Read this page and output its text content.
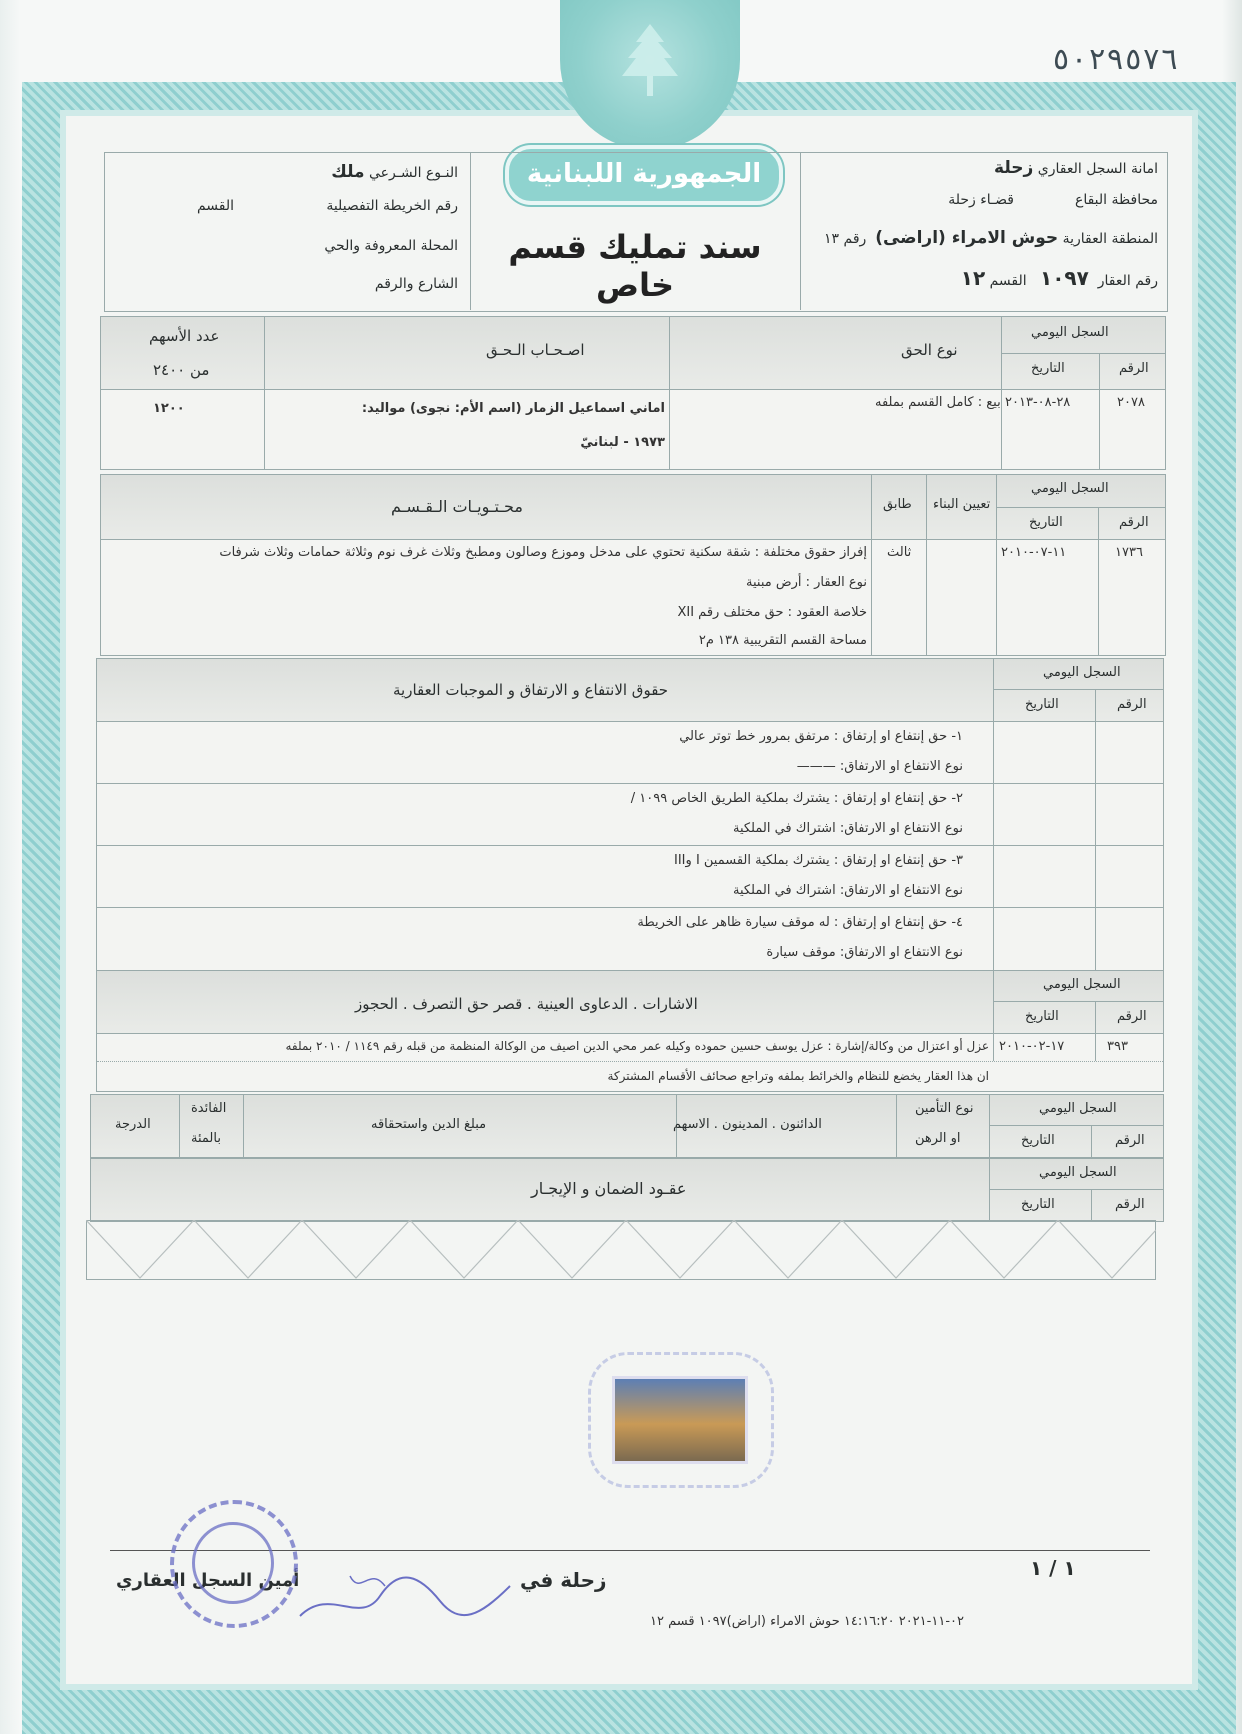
٥٠٢٩٥٧٦
الجمهورية اللبنانية
سند تمليك قسم خاص
امانة السجل العقاري زحلة
محافظة البقاع
قضـاء زحلة
المنطقة العقارية حوش الامراء (اراضى)  رقم ١٣
رقم العقار  ١٠٩٧   القسم ١٢
النـوع الشـرعي ملك
رقم الخريطة التفصيلية
القسم
المحلة المعروفة والحي
الشارع والرقم
السجل اليومي
الرقم
التاريخ
نوع الحق
اصـحـاب الـحـق
عدد الأسهم
من ٢٤٠٠
٢٠٧٨
٢٨-٠٨-٢٠١٣
بيع : كامل القسم بملفه
اماني اسماعيل الزمار (اسم الأم: نجوى) مواليد:
١٩٧٣ - لبنانيّ
١٢٠٠
السجل اليومي
الرقم
التاريخ
تعيين البناء
طابق
محـتـويـات الـقـسـم
١٧٣٦
١١-٠٧-٢٠١٠
ثالث
إفراز حقوق مختلفة : شقة سكنية تحتوي على مدخل وموزع وصالون ومطبخ وثلاث غرف نوم وثلاثة حمامات وثلاث شرفات
نوع العقار : أرض مبنية
خلاصة العقود : حق مختلف رقم XII
مساحة القسم التقريبية ١٣٨ م٢
السجل اليومي
الرقم
التاريخ
حقوق الانتفاع و الارتفاق و الموجبات العقارية
١- حق إنتفاع او إرتفاق : مرتفق بمرور خط توتر عالي
نوع الانتفاع او الارتفاق: ———
٢- حق إنتفاع او إرتفاق : يشترك بملكية الطريق الخاص ١٠٩٩ /
نوع الانتفاع او الارتفاق: اشتراك في الملكية
٣- حق إنتفاع او إرتفاق : يشترك بملكية القسمين I وIII
نوع الانتفاع او الارتفاق: اشتراك في الملكية
٤- حق إنتفاع او إرتفاق : له موقف سيارة ظاهر على الخريطة
نوع الانتفاع او الارتفاق: موقف سيارة
السجل اليومي
الرقم
التاريخ
الاشارات . الدعاوى العينية . قصر حق التصرف . الحجوز
٣٩٣
١٧-٠٢-٢٠١٠
عزل أو اعتزال من وكالة/إشارة : عزل يوسف حسين حموده وكيله عمر محي الدين اصيف من الوكالة المنظمة من قبله رقم ١١٤٩ / ٢٠١٠ بملفه
ان هذا العقار يخضع للنظام والخرائط بملفه وتراجع صحائف الأقسام المشتركة
السجل اليومي
الرقم
التاريخ
نوع التأمين
او الرهن
الدائنون . المدينون . الاسهم
مبلغ الدين واستحقاقه
الفائدة
بالمئة
الدرجة
السجل اليومي
الرقم
التاريخ
عقـود الضمان و الإيجـار
١ / ١
زحلة في
أمين السجل العقاري
٠٢-١١-٢٠٢١ ١٤:١٦:٢٠ حوش الامراء (اراض)١٠٩٧ قسم ١٢
